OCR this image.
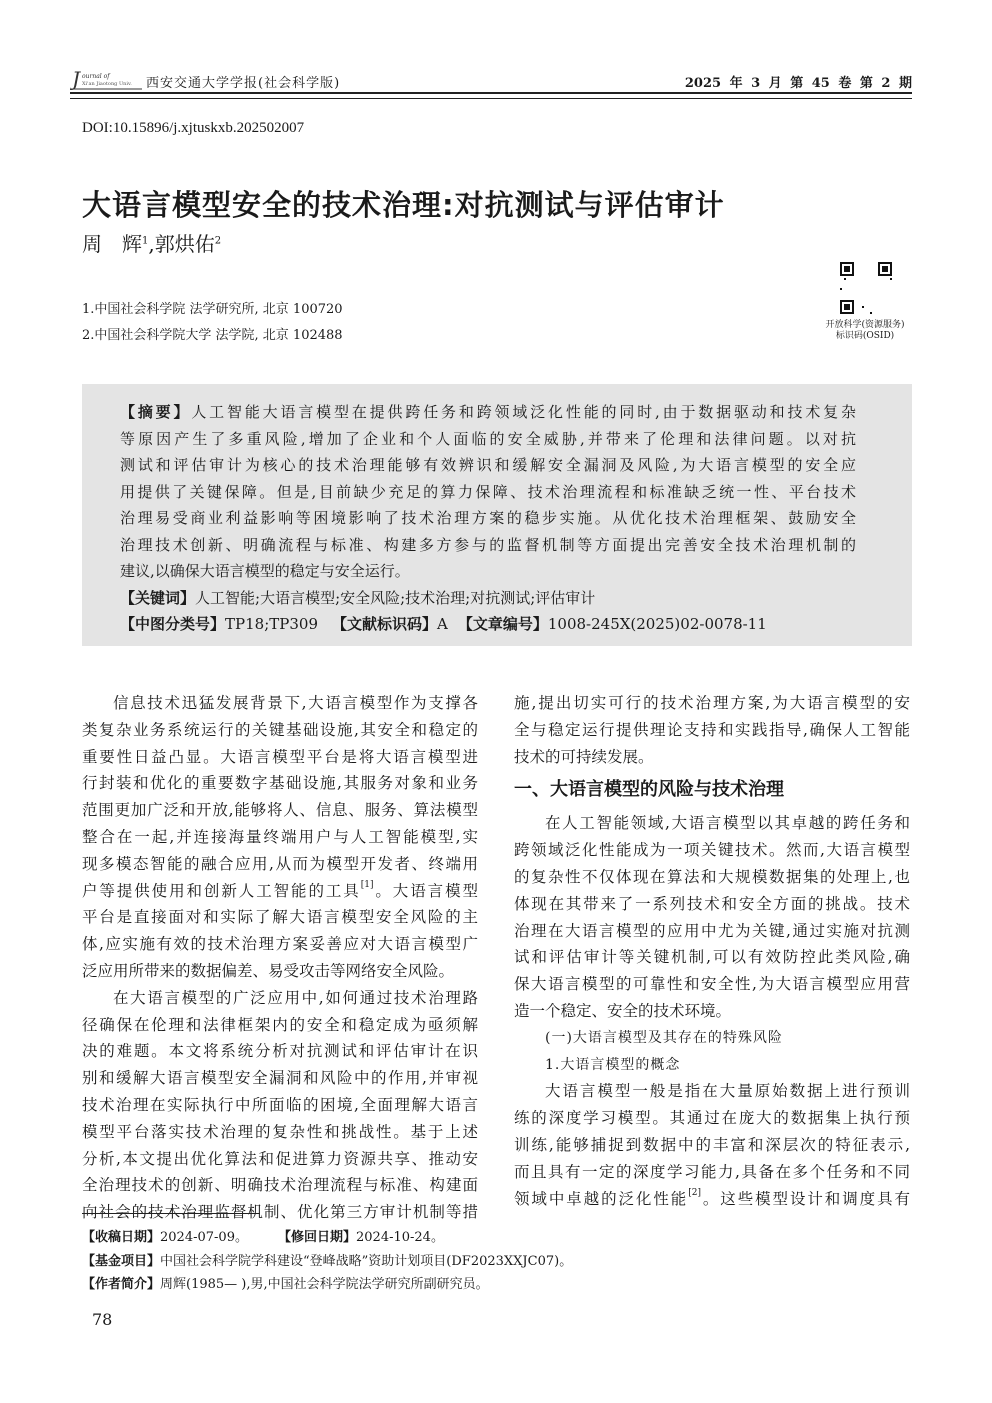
J ournal of
Xi'an Jiaotong Univ. 西安交通大学学报(社会科学版)	2025 年 3 月 第 45 卷 第 2 期
DOI:10.15896/j.xjtuskxb.202502007
大语言模型安全的技术治理:对抗测试与评估审计
周　辉$^1$,郭烘佑$^2$
1.中国社会科学院 法学研究所, 北京 100720
2.中国社会科学院大学 法学院, 北京 102488
开放科学(资源服务)
标识码(OSID)
【摘要】人工智能大语言模型在提供跨任务和跨领域泛化性能的同时,由于数据驱动和技术复杂
等原因产生了多重风险,增加了企业和个人面临的安全威胁,并带来了伦理和法律问题。以对抗
测试和评估审计为核心的技术治理能够有效辨识和缓解安全漏洞及风险,为大语言模型的安全应
用提供了关键保障。但是,目前缺少充足的算力保障、技术治理流程和标准缺乏统一性、平台技术
治理易受商业利益影响等困境影响了技术治理方案的稳步实施。从优化技术治理框架、鼓励安全
治理技术创新、明确流程与标准、构建多方参与的监督机制等方面提出完善安全技术治理机制的
建议,以确保大语言模型的稳定与安全运行。
【关键词】人工智能;大语言模型;安全风险;技术治理;对抗测试;评估审计
【中图分类号】TP18;TP309 【文献标识码】A 【文章编号】1008-245X(2025)02-0078-11
信息技术迅猛发展背景下,大语言模型作为支撑各
类复杂业务系统运行的关键基础设施,其安全和稳定的
重要性日益凸显。大语言模型平台是将大语言模型进
行封装和优化的重要数字基础设施,其服务对象和业务
范围更加广泛和开放,能够将人、信息、服务、算法模型
整合在一起,并连接海量终端用户与人工智能模型,实
现多模态智能的融合应用,从而为模型开发者、终端用
户等提供使用和创新人工智能的工具[1]。大语言模型
平台是直接面对和实际了解大语言模型安全风险的主
体,应实施有效的技术治理方案妥善应对大语言模型广
泛应用所带来的数据偏差、易受攻击等网络安全风险。
在大语言模型的广泛应用中,如何通过技术治理路
径确保在伦理和法律框架内的安全和稳定成为亟须解
决的难题。本文将系统分析对抗测试和评估审计在识
别和缓解大语言模型安全漏洞和风险中的作用,并审视
技术治理在实际执行中所面临的困境,全面理解大语言
模型平台落实技术治理的复杂性和挑战性。基于上述
分析,本文提出优化算法和促进算力资源共享、推动安
全治理技术的创新、明确技术治理流程与标准、构建面
向社会的技术治理监督机制、优化第三方审计机制等措
施,提出切实可行的技术治理方案,为大语言模型的安
全与稳定运行提供理论支持和实践指导,确保人工智能
技术的可持续发展。
一、大语言模型的风险与技术治理
在人工智能领域,大语言模型以其卓越的跨任务和
跨领域泛化性能成为一项关键技术。然而,大语言模型
的复杂性不仅体现在算法和大规模数据集的处理上,也
体现在其带来了一系列技术和安全方面的挑战。技术
治理在大语言模型的应用中尤为关键,通过实施对抗测
试和评估审计等关键机制,可以有效防控此类风险,确
保大语言模型的可靠性和安全性,为大语言模型应用营
造一个稳定、安全的技术环境。
(一)大语言模型及其存在的特殊风险
1.大语言模型的概念
大语言模型一般是指在大量原始数据上进行预训
练的深度学习模型。其通过在庞大的数据集上执行预
训练,能够捕捉到数据中的丰富和深层次的特征表示,
而且具有一定的深度学习能力,具备在多个任务和不同
领域中卓越的泛化性能[2]。这些模型设计和调度具有
【收稿日期】2024-07-09。 【修回日期】2024-10-24。
【基金项目】中国社会科学院学科建设“登峰战略”资助计划项目(DF2023XXJC07)。
【作者简介】周辉(1985— ),男,中国社会科学院法学研究所副研究员。
78
